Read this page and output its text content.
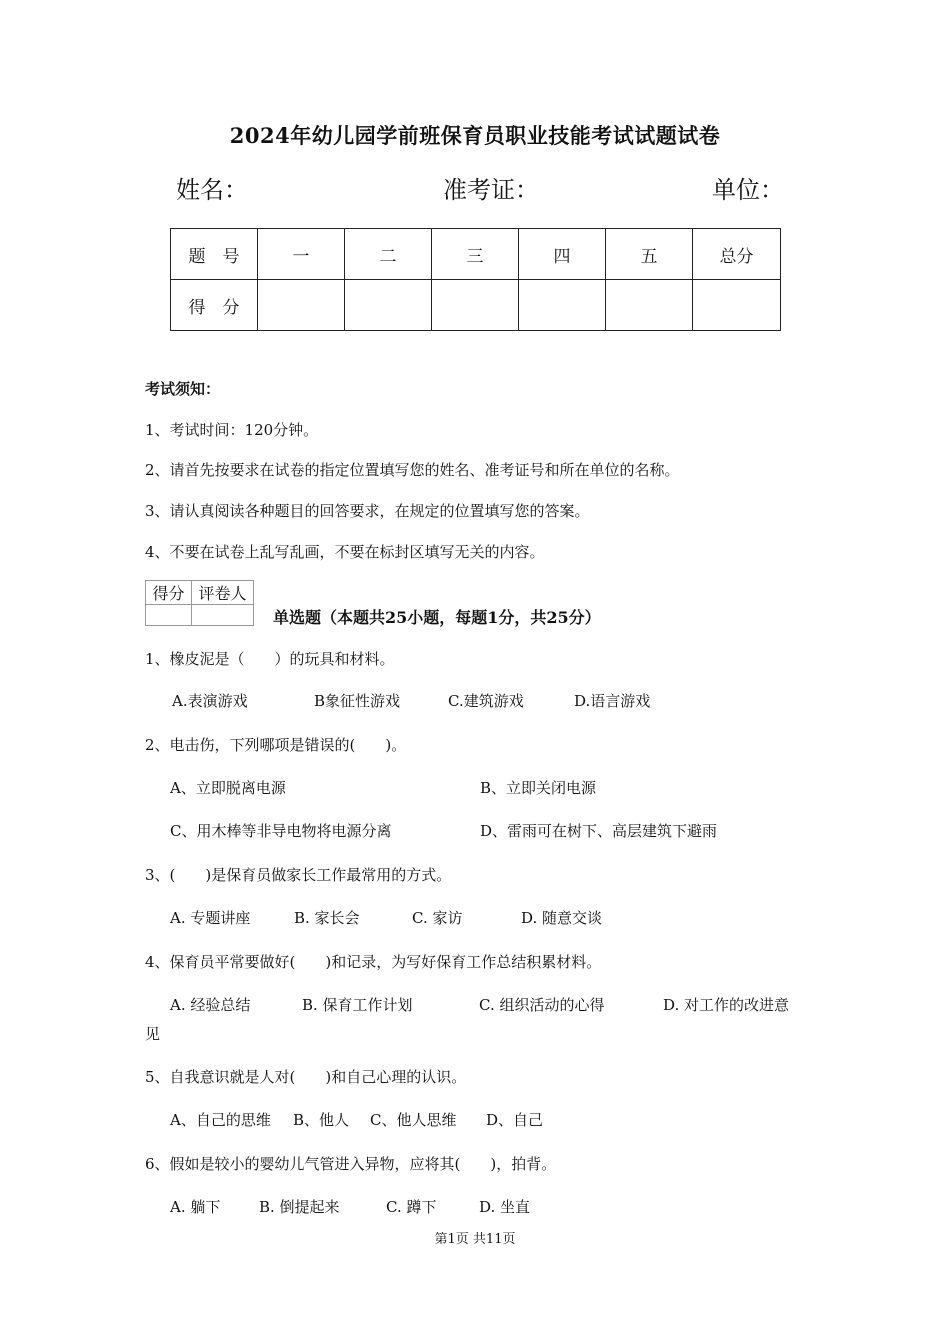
2024年幼儿园学前班保育员职业技能考试试题试卷
姓名：	准考证：	单位：
题　号	一	二	三	四	五	总分
得　分						
考试须知：
1、考试时间：120分钟。
2、请首先按要求在试卷的指定位置填写您的姓名、准考证号和所在单位的名称。
3、请认真阅读各种题目的回答要求，在规定的位置填写您的答案。
4、不要在试卷上乱写乱画，不要在标封区填写无关的内容。
得分	评卷人

单选题（本题共25小题，每题1分，共25分）
1、橡皮泥是（　　）的玩具和材料。
A.表演游戏	B象征性游戏	C.建筑游戏	D.语言游戏
2、电击伤，下列哪项是错误的(　　)。
A、立即脱离电源	B、立即关闭电源
C、用木棒等非导电物将电源分离	D、雷雨可在树下、高层建筑下避雨
3、(　　)是保育员做家长工作最常用的方式。
A. 专题讲座	B. 家长会	C. 家访	D. 随意交谈
4、保育员平常要做好(　　)和记录，为写好保育工作总结积累材料。
A. 经验总结	B. 保育工作计划	C. 组织活动的心得	D. 对工作的改进意
见
5、自我意识就是人对(　　)和自己心理的认识。
A、自己的思维 B、他人 C、他人思维 D、自己
6、假如是较小的婴幼儿气管进入异物，应将其(　　)，拍背。
A. 躺下	B. 倒提起来	C. 蹲下	D. 坐直
第1页 共11页
